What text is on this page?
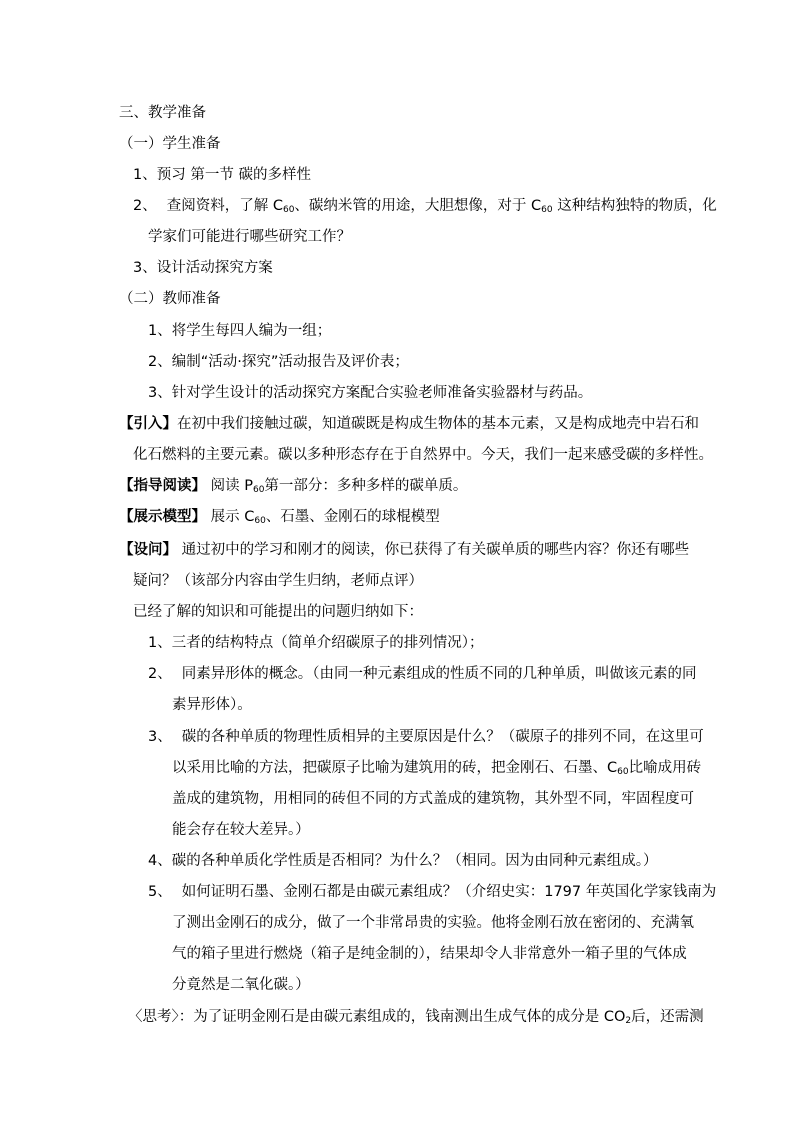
三、教学准备
（一）学生准备
1、预习 第一节 碳的多样性
2、 查阅资料，了解 $C_{60}$、碳纳米管的用途，大胆想像，对于 $C_{60}$ 这种结构独特的物质，化
学家们可能进行哪些研究工作？
3、设计活动探究方案
（二）教师准备
1、将学生每四人编为一组；
2、编制“活动·探究”活动报告及评价表；
3、针对学生设计的活动探究方案配合实验老师准备实验器材与药品。
【引入】在初中我们接触过碳，知道碳既是构成生物体的基本元素，又是构成地壳中岩石和
化石燃料的主要元素。碳以多种形态存在于自然界中。今天，我们一起来感受碳的多样性。
【指导阅读】 阅读 $P_{60}$第一部分：多种多样的碳单质。
【展示模型】 展示 $C_{60}$、石墨、金刚石的球棍模型
【设问】 通过初中的学习和刚才的阅读，你已获得了有关碳单质的哪些内容？你还有哪些
疑问？（该部分内容由学生归纳，老师点评）
已经了解的知识和可能提出的问题归纳如下：
1、三者的结构特点（简单介绍碳原子的排列情况）；
2、 同素异形体的概念。（由同一种元素组成的性质不同的几种单质，叫做该元素的同
素异形体）。
3、 碳的各种单质的物理性质相异的主要原因是什么？（碳原子的排列不同，在这里可
以采用比喻的方法，把碳原子比喻为建筑用的砖，把金刚石、石墨、$C_{60}$比喻成用砖
盖成的建筑物，用相同的砖但不同的方式盖成的建筑物，其外型不同，牢固程度可
能会存在较大差异。）
4、碳的各种单质化学性质是否相同？为什么？（相同。因为由同种元素组成。）
5、 如何证明石墨、金刚石都是由碳元素组成？（介绍史实：1797 年英国化学家钱南为
了测出金刚石的成分，做了一个非常昂贵的实验。他将金刚石放在密闭的、充满氧
气的箱子里进行燃烧（箱子是纯金制的），结果却令人非常意外一箱子里的气体成
分竟然是二氧化碳。）
〈思考〉：为了证明金刚石是由碳元素组成的，钱南测出生成气体的成分是 $CO_2$后，还需测
